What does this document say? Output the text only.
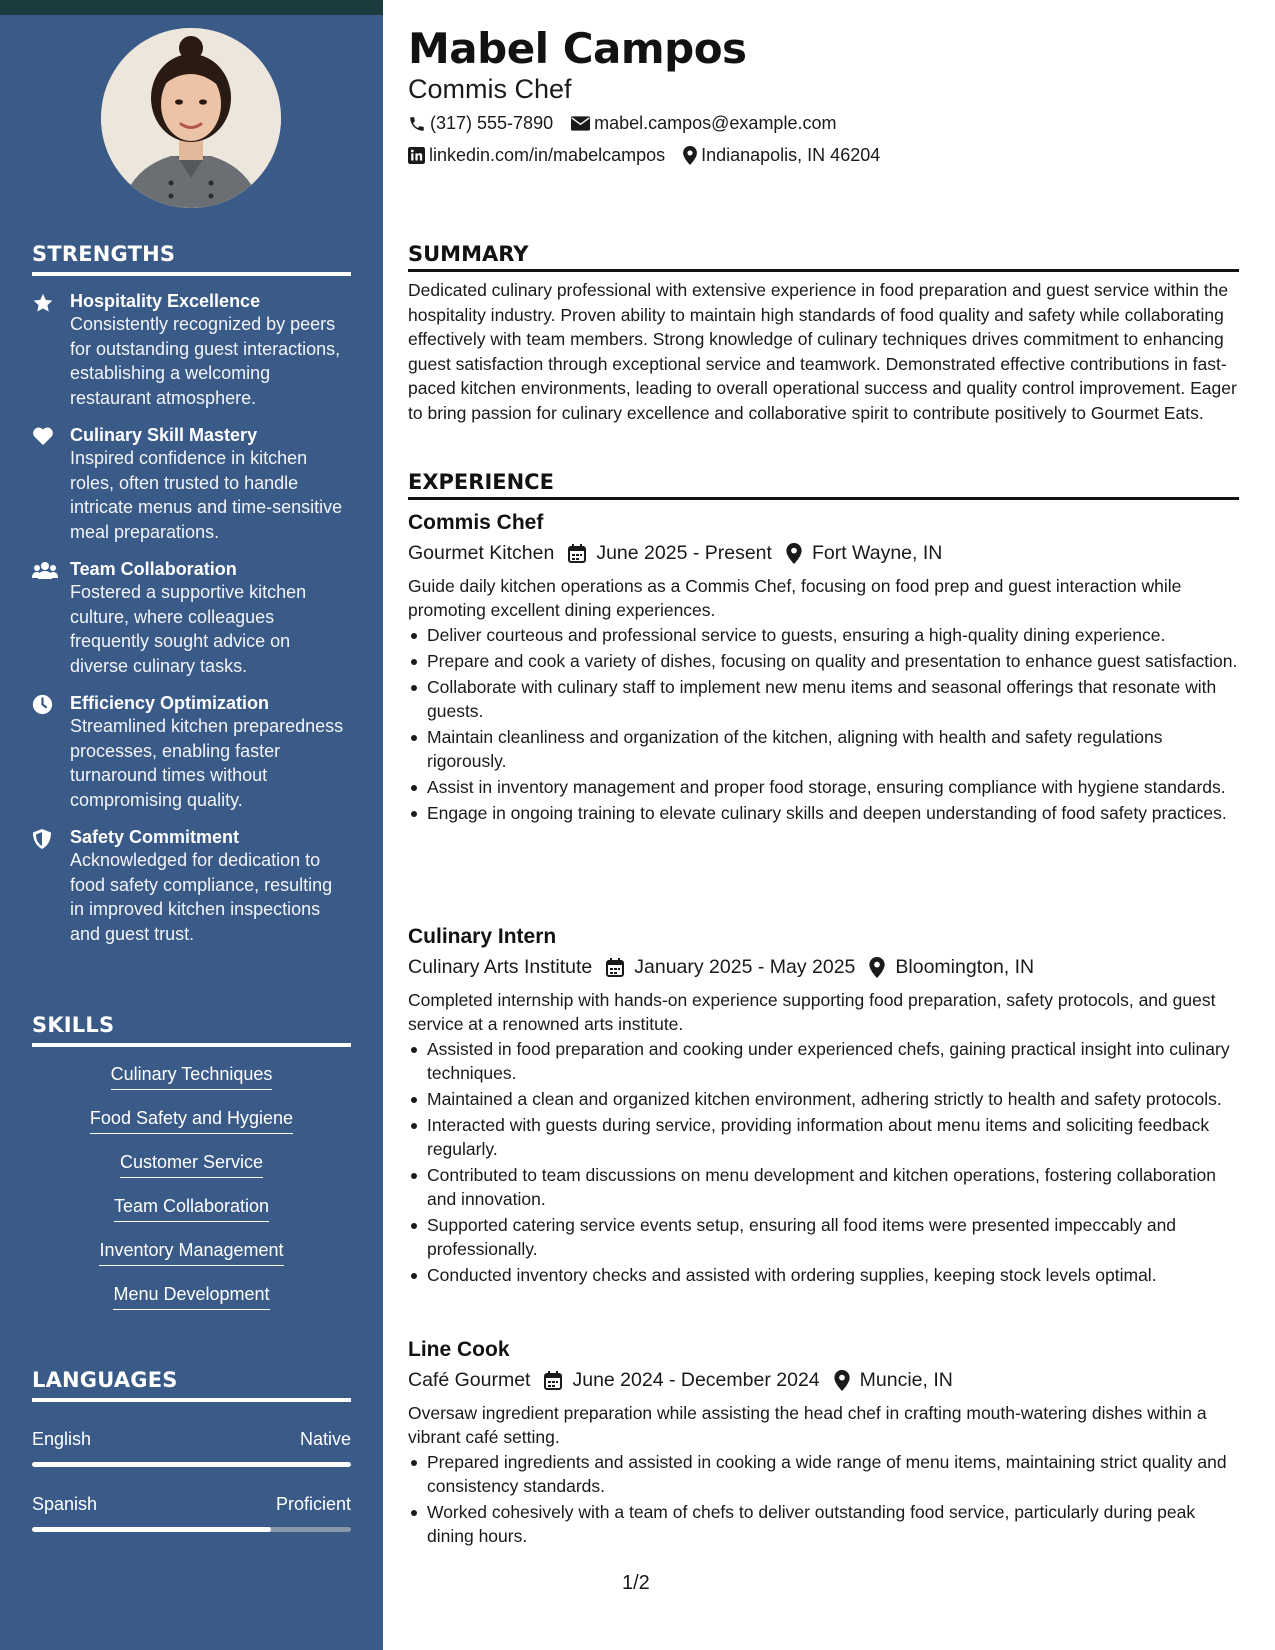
STRENGTHS
Hospitality Excellence
Consistently recognized by peers for outstanding guest interactions, establishing a welcoming restaurant atmosphere.
Culinary Skill Mastery
Inspired confidence in kitchen roles, often trusted to handle intricate menus and time-sensitive meal preparations.
Team Collaboration
Fostered a supportive kitchen culture, where colleagues frequently sought advice on diverse culinary tasks.
Efficiency Optimization
Streamlined kitchen preparedness processes, enabling faster turnaround times without compromising quality.
Safety Commitment
Acknowledged for dedication to food safety compliance, resulting in improved kitchen inspections and guest trust.
SKILLS
Culinary Techniques
Food Safety and Hygiene
Customer Service
Team Collaboration
Inventory Management
Menu Development
LANGUAGES
English	Native
Spanish	Proficient
Mabel Campos
Commis Chef
(317) 555-7890 mabel.campos@example.com
linkedin.com/in/mabelcampos Indianapolis, IN 46204
SUMMARY

Dedicated culinary professional with extensive experience in food preparation and guest service within the hospitality industry. Proven ability to maintain high standards of food quality and safety while collaborating effectively with team members. Strong knowledge of culinary techniques drives commitment to enhancing guest satisfaction through exceptional service and teamwork. Demonstrated effective contributions in fast-paced kitchen environments, leading to overall operational success and quality control improvement. Eager to bring passion for culinary excellence and collaborative spirit to contribute positively to Gourmet Eats.

EXPERIENCE
Commis Chef
Gourmet Kitchen June 2025 - Present Fort Wayne, IN

Guide daily kitchen operations as a Commis Chef, focusing on food prep and guest interaction while promoting excellent dining experiences.

Deliver courteous and professional service to guests, ensuring a high-quality dining experience.
Prepare and cook a variety of dishes, focusing on quality and presentation to enhance guest satisfaction.
Collaborate with culinary staff to implement new menu items and seasonal offerings that resonate with guests.
Maintain cleanliness and organization of the kitchen, aligning with health and safety regulations rigorously.
Assist in inventory management and proper food storage, ensuring compliance with hygiene standards.
Engage in ongoing training to elevate culinary skills and deepen understanding of food safety practices.
Culinary Intern
Culinary Arts Institute January 2025 - May 2025 Bloomington, IN

Completed internship with hands-on experience supporting food preparation, safety protocols, and guest service at a renowned arts institute.

Assisted in food preparation and cooking under experienced chefs, gaining practical insight into culinary techniques.
Maintained a clean and organized kitchen environment, adhering strictly to health and safety protocols.
Interacted with guests during service, providing information about menu items and soliciting feedback regularly.
Contributed to team discussions on menu development and kitchen operations, fostering collaboration and innovation.
Supported catering service events setup, ensuring all food items were presented impeccably and professionally.
Conducted inventory checks and assisted with ordering supplies, keeping stock levels optimal.
Line Cook
Café Gourmet June 2024 - December 2024 Muncie, IN

Oversaw ingredient preparation while assisting the head chef in crafting mouth-watering dishes within a vibrant café setting.

Prepared ingredients and assisted in cooking a wide range of menu items, maintaining strict quality and consistency standards.
Worked cohesively with a team of chefs to deliver outstanding food service, particularly during peak dining hours.
1/2
